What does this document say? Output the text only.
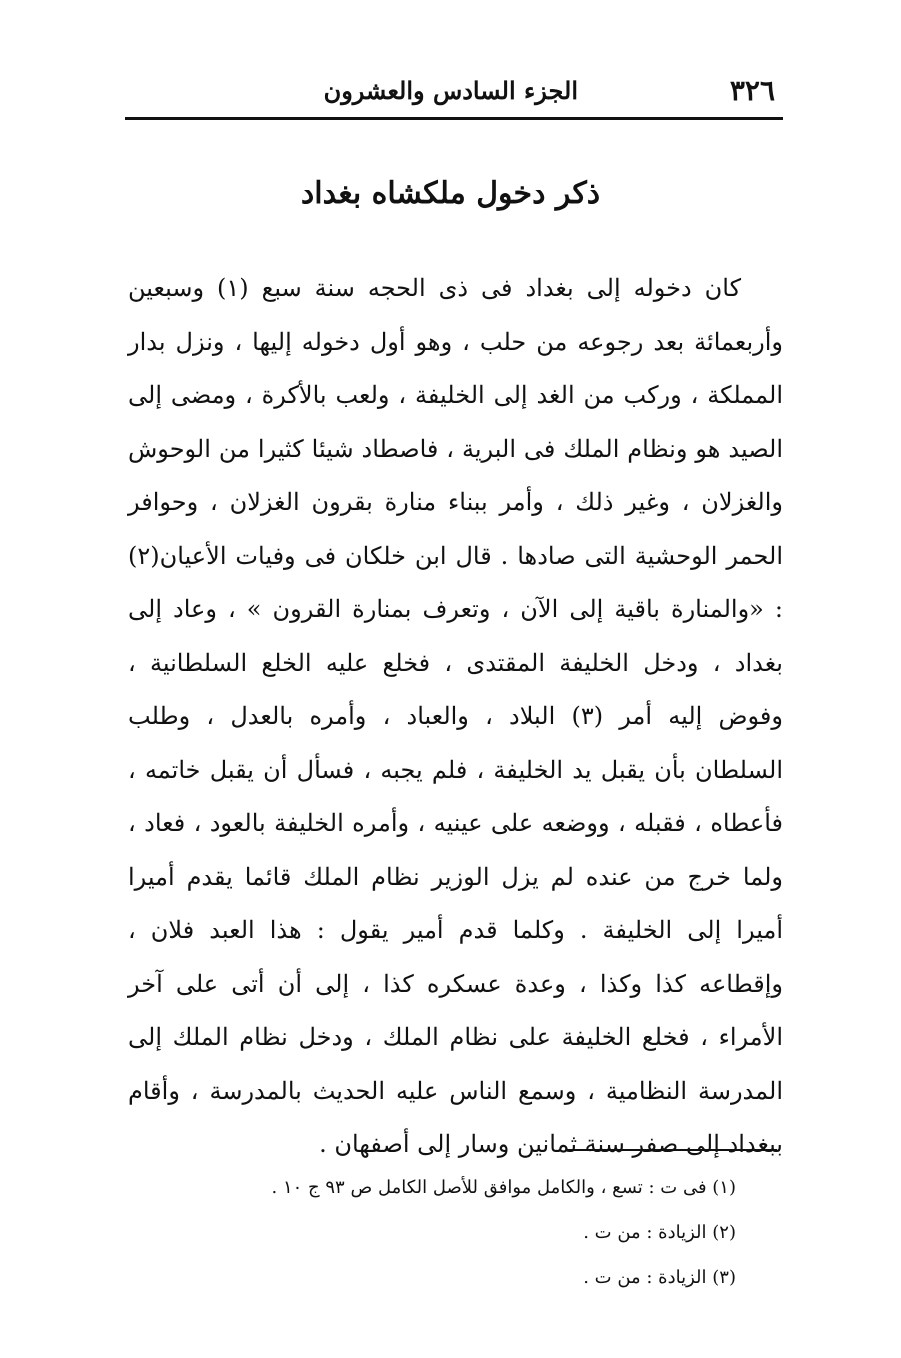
٣٢٦
الجزء السادس والعشرون
ذكر دخول ملكشاه بغداد

كان دخوله إلى بغداد فى ذى الحجه سنة سبع (١) وسبعين وأربعمائة بعد رجوعه من حلب ، وهو أول دخوله إليها ، ونزل بدار المملكة ، وركب من الغد إلى الخليفة ، ولعب بالأكرة ، ومضى إلى الصيد هو ونظام الملك فى البرية ، فاصطاد شيئا كثيرا من الوحوش والغزلان ، وغير ذلك ، وأمر ببناء منارة بقرون الغزلان ، وحوافر الحمر الوحشية التى صادها . قال ابن خلكان فى وفيات الأعيان(٢) : «والمنارة باقية إلى الآن ، وتعرف بمنارة القرون » ، وعاد إلى بغداد ، ودخل الخليفة المقتدى ، فخلع عليه الخلع السلطانية ، وفوض إليه أمر (٣) البلاد ، والعباد ، وأمره بالعدل ، وطلب السلطان بأن يقبل يد الخليفة ، فلم يجبه ، فسأل أن يقبل خاتمه ، فأعطاه ، فقبله ، ووضعه على عينيه ، وأمره الخليفة بالعود ، فعاد ، ولما خرج من عنده لم يزل الوزير نظام الملك قائما يقدم أميرا أميرا إلى الخليفة . وكلما قدم أمير يقول : هذا العبد فلان ، وإقطاعه كذا وكذا ، وعدة عسكره كذا ، إلى أن أتى على آخر الأمراء ، فخلع الخليفة على نظام الملك ، ودخل نظام الملك إلى المدرسة النظامية ، وسمع الناس عليه الحديث بالمدرسة ، وأقام ببغداد إلى صفر سنة ثمانين وسار إلى أصفهان .

(١) فى ت : تسع ، والكامل موافق للأصل الكامل ص ٩٣ ج ١٠ .
(٢) الزيادة : من ت .
(٣) الزيادة : من ت .
